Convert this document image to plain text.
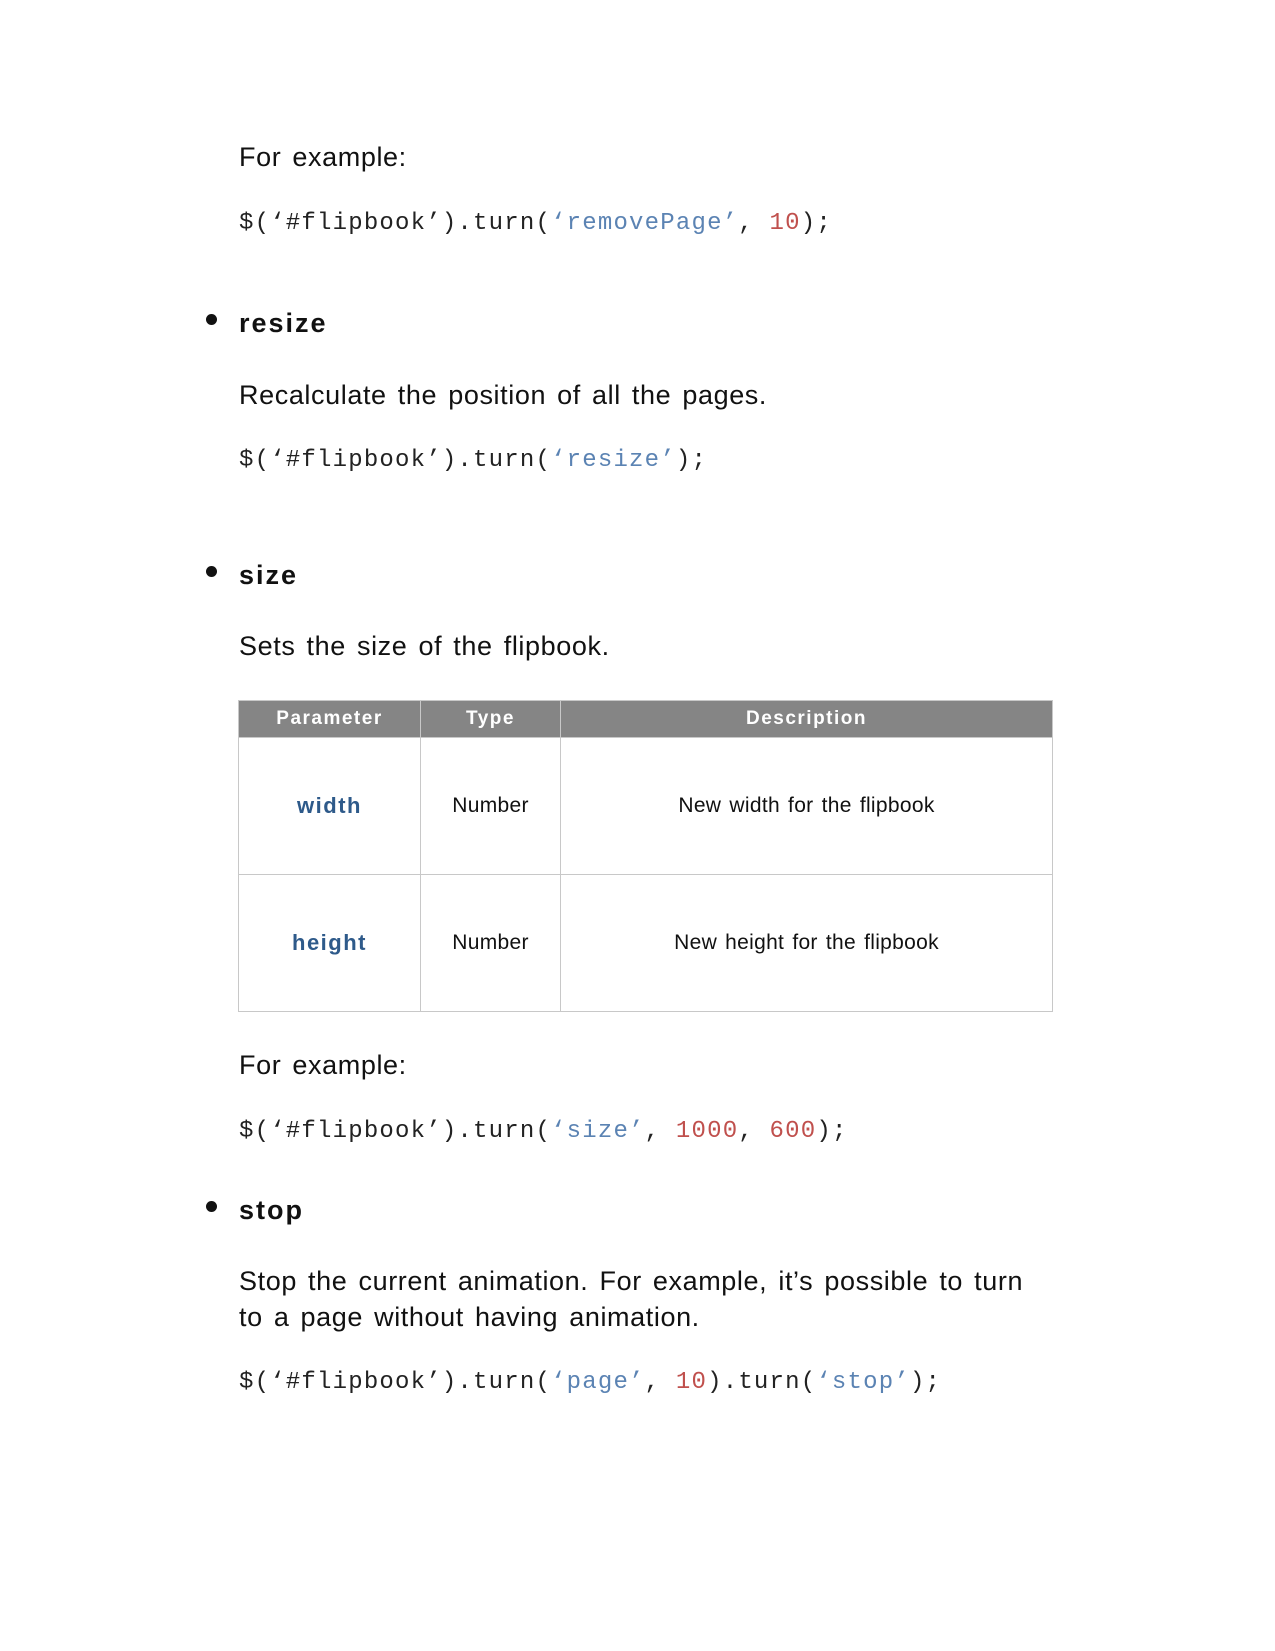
For example:
$(‘#flipbook’).turn(‘removePage’, 10);
resize
Recalculate the position of all the pages.
$(‘#flipbook’).turn(‘resize’);
size
Sets the size of the flipbook.
Parameter	Type	Description
width	Number	New width for the flipbook
height	Number	New height for the flipbook
For example:
$(‘#flipbook’).turn(‘size’, 1000, 600);
stop
Stop the current animation. For example, it’s possible to turn
to a page without having animation.
$(‘#flipbook’).turn(‘page’, 10).turn(‘stop’);
